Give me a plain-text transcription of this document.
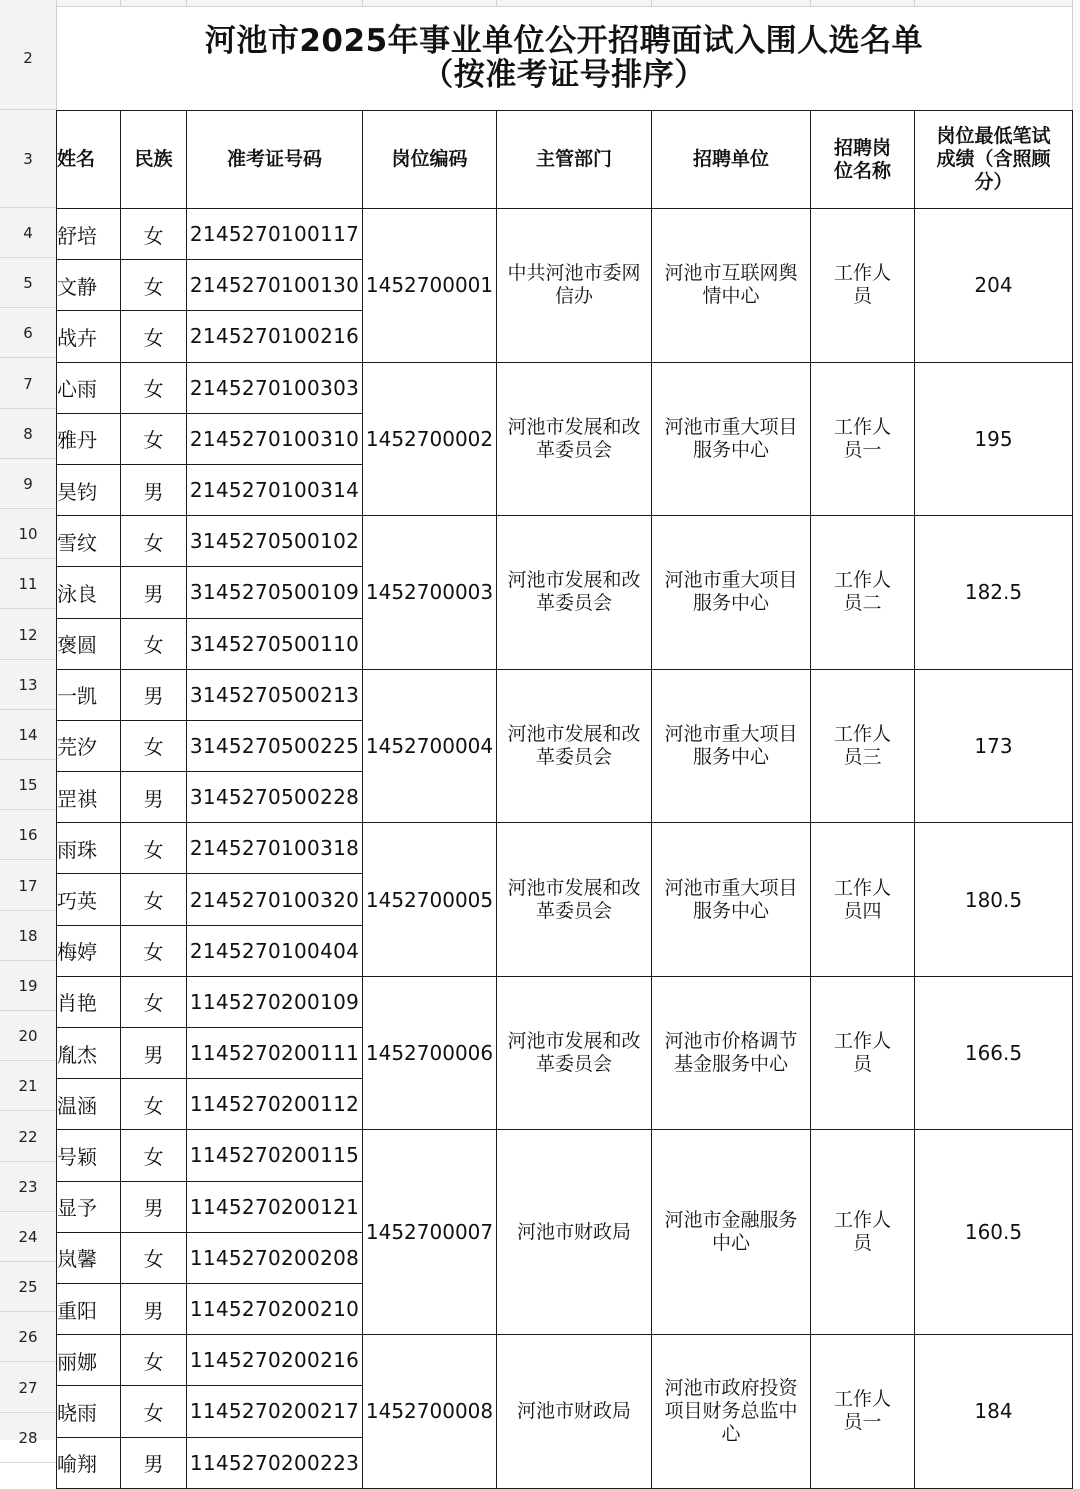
河池市2025年事业单位公开招聘面试入围人选名单
（按准考证号排序）
姓名	民族	准考证号码	岗位编码	主管部门	招聘单位	招聘岗位名称	岗位最低笔试成绩（含照顾分）
舒培	女	2145270100117	1452700001	中共河池市委网信办	河池市互联网舆情中心	工作人员	204
文静	女	2145270100130					
战卉	女	2145270100216					
心雨	女	2145270100303	1452700002	河池市发展和改革委员会	河池市重大项目服务中心	工作人员一	195
雅丹	女	2145270100310					
昊钧	男	2145270100314					
雪纹	女	3145270500102	1452700003	河池市发展和改革委员会	河池市重大项目服务中心	工作人员二	182.5
泳良	男	3145270500109					
褒圆	女	3145270500110					
一凯	男	3145270500213	1452700004	河池市发展和改革委员会	河池市重大项目服务中心	工作人员三	173
芫汐	女	3145270500225					
罡祺	男	3145270500228					
雨珠	女	2145270100318	1452700005	河池市发展和改革委员会	河池市重大项目服务中心	工作人员四	180.5
巧英	女	2145270100320					
梅婷	女	2145270100404					
肖艳	女	1145270200109	1452700006	河池市发展和改革委员会	河池市价格调节基金服务中心	工作人员	166.5
胤杰	男	1145270200111					
温涵	女	1145270200112					
号颖	女	1145270200115	1452700007	河池市财政局	河池市金融服务中心	工作人员	160.5
显予	男	1145270200121					
岚馨	女	1145270200208					
重阳	男	1145270200210					
丽娜	女	1145270200216	1452700008	河池市财政局	河池市政府投资项目财务总监中心	工作人员一	184
晓雨	女	1145270200217					
喻翔	男	1145270200223					
2
3
4
5
6
7
8
9
10
11
12
13
14
15
16
17
18
19
20
21
22
23
24
25
26
27
28
